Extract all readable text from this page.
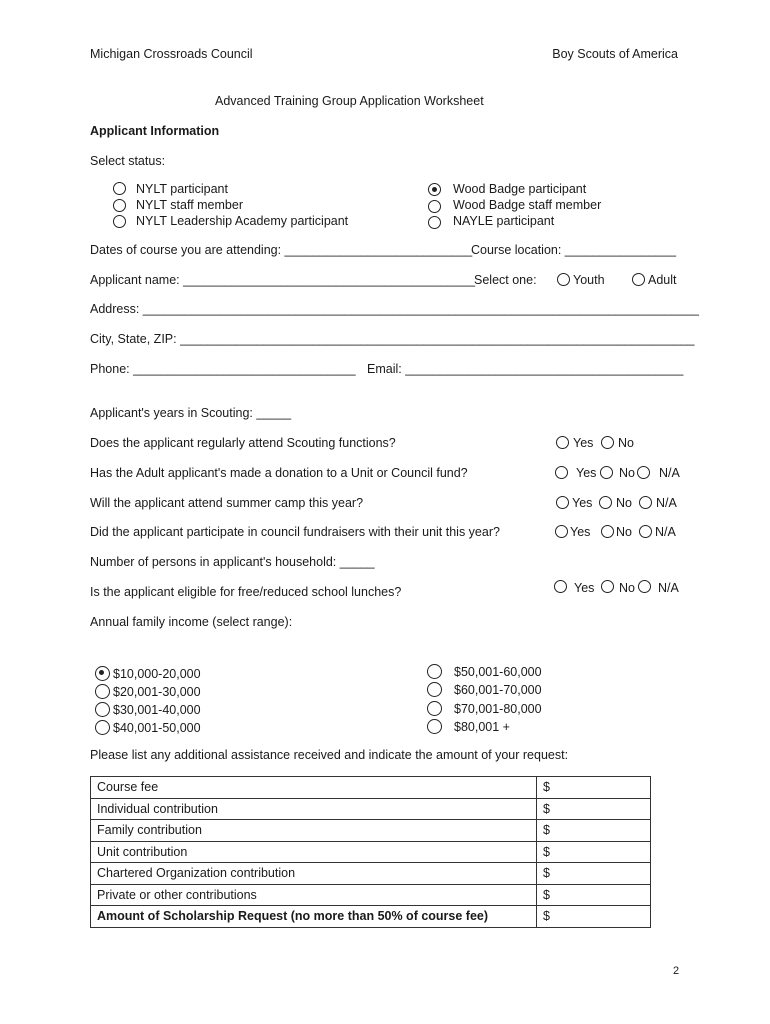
Michigan Crossroads Council	Boy Scouts of America
Advanced Training Group Application Worksheet
Applicant Information
Select status:
NYLT participant
NYLT staff member
NYLT Leadership Academy participant
Wood Badge participant
Wood Badge staff member
NAYLE participant
Dates of course you are attending: ___________________________
Course location: ________________
Applicant name: __________________________________________
Select one:	Youth	Adult
Address: ________________________________________________________________________________
City, State, ZIP: __________________________________________________________________________
Phone: ________________________________ Email: ________________________________________
Applicant's years in Scouting: _____
Does the applicant regularly attend Scouting functions?	Yes No
Has the Adult applicant's made a donation to a Unit or Council fund?	Yes No N/A
Will the applicant attend summer camp this year?	Yes No N/A
Did the applicant participate in council fundraisers with their unit this year?	Yes No N/A
Number of persons in applicant's household: _____
Is the applicant eligible for free/reduced school lunches?	Yes No N/A
Annual family income (select range):
$10,000-20,000
$20,001-30,000
$30,001-40,000
$40,001-50,000
$50,001-60,000
$60,001-70,000
$70,001-80,000
$80,001 +
Please list any additional assistance received and indicate the amount of your request:
Course fee	$
Individual contribution	$
Family contribution	$
Unit contribution	$
Chartered Organization contribution	$
Private or other contributions	$
Amount of Scholarship Request (no more than 50% of course fee)	$
2
